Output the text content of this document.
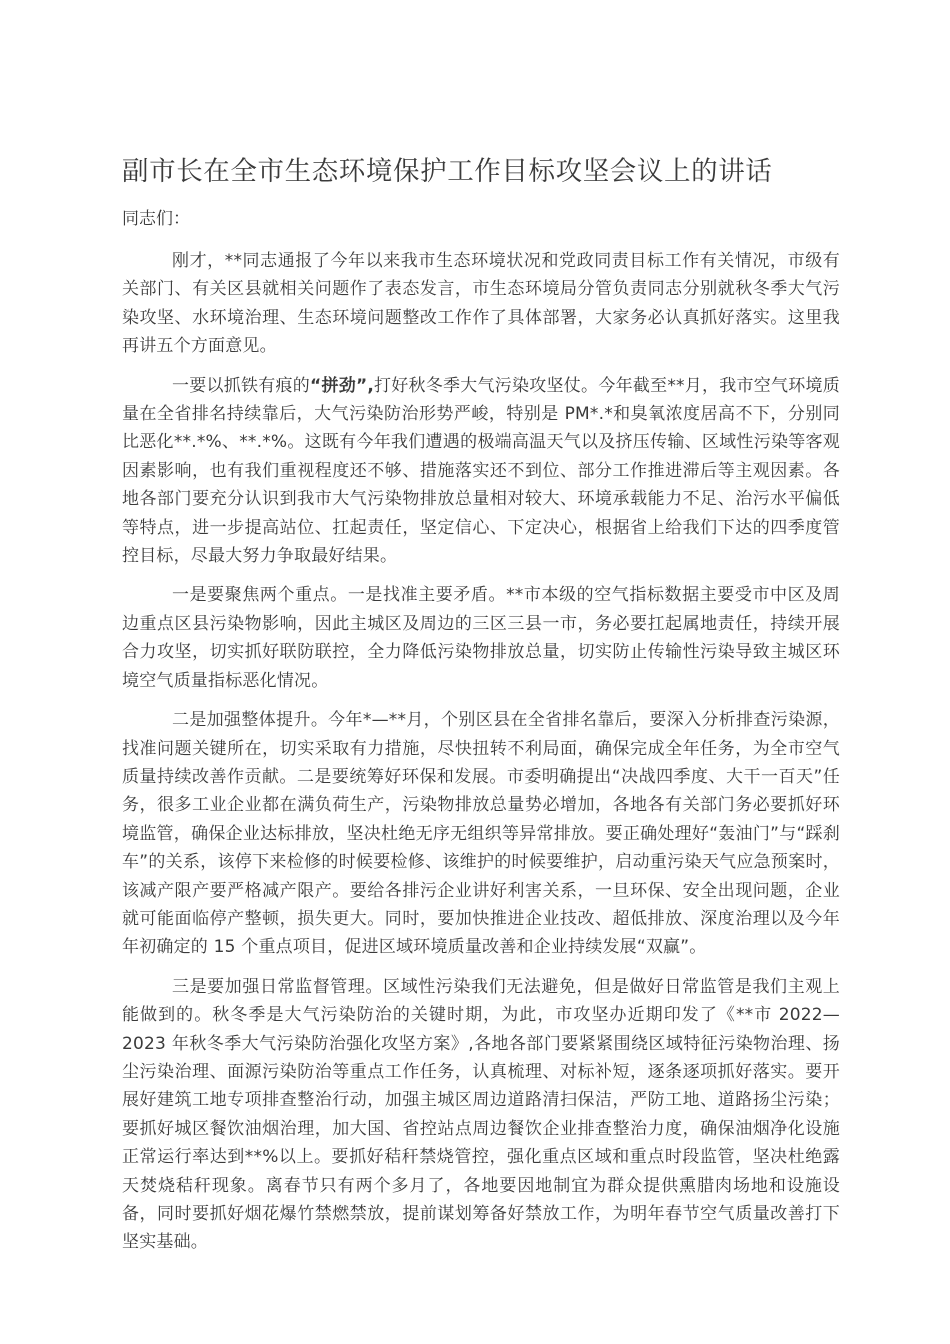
副市长在全市生态环境保护工作目标攻坚会议上的讲话

同志们：

刚才，**同志通报了今年以来我市生态环境状况和党政同责目标工作有关情况，市级有关部门、有关区县就相关问题作了表态发言，市生态环境局分管负责同志分别就秋冬季大气污染攻坚、水环境治理、生态环境问题整改工作作了具体部署，大家务必认真抓好落实。这里我再讲五个方面意见。

一要以抓铁有痕的“拼劲”,打好秋冬季大气污染攻坚仗。今年截至**月，我市空气环境质量在全省排名持续靠后，大气污染防治形势严峻，特别是 PM*.*和臭氧浓度居高不下，分别同比恶化**.*%、**.*%。这既有今年我们遭遇的极端高温天气以及挤压传输、区域性污染等客观因素影响，也有我们重视程度还不够、措施落实还不到位、部分工作推进滞后等主观因素。各地各部门要充分认识到我市大气污染物排放总量相对较大、环境承载能力不足、治污水平偏低等特点，进一步提高站位、扛起责任，坚定信心、下定决心，根据省上给我们下达的四季度管控目标，尽最大努力争取最好结果。

一是要聚焦两个重点。一是找准主要矛盾。**市本级的空气指标数据主要受市中区及周边重点区县污染物影响，因此主城区及周边的三区三县一市，务必要扛起属地责任，持续开展合力攻坚，切实抓好联防联控，全力降低污染物排放总量，切实防止传输性污染导致主城区环境空气质量指标恶化情况。

二是加强整体提升。今年*—**月，个别区县在全省排名靠后，要深入分析排查污染源，找准问题关键所在，切实采取有力措施，尽快扭转不利局面，确保完成全年任务，为全市空气质量持续改善作贡献。二是要统筹好环保和发展。市委明确提出“决战四季度、大干一百天”任务，很多工业企业都在满负荷生产，污染物排放总量势必增加，各地各有关部门务必要抓好环境监管，确保企业达标排放，坚决杜绝无序无组织等异常排放。要正确处理好“轰油门”与“踩刹车”的关系，该停下来检修的时候要检修、该维护的时候要维护，启动重污染天气应急预案时，该减产限产要严格减产限产。要给各排污企业讲好利害关系，一旦环保、安全出现问题，企业就可能面临停产整顿，损失更大。同时，要加快推进企业技改、超低排放、深度治理以及今年年初确定的 15 个重点项目，促进区域环境质量改善和企业持续发展“双赢”。

三是要加强日常监督管理。区域性污染我们无法避免，但是做好日常监管是我们主观上能做到的。秋冬季是大气污染防治的关键时期，为此，市攻坚办近期印发了《**市 2022—2023 年秋冬季大气污染防治强化攻坚方案》,各地各部门要紧紧围绕区域特征污染物治理、扬尘污染治理、面源污染防治等重点工作任务，认真梳理、对标补短，逐条逐项抓好落实。要开展好建筑工地专项排查整治行动，加强主城区周边道路清扫保洁，严防工地、道路扬尘污染；要抓好城区餐饮油烟治理，加大国、省控站点周边餐饮企业排查整治力度，确保油烟净化设施正常运行率达到**%以上。要抓好秸秆禁烧管控，强化重点区域和重点时段监管，坚决杜绝露天焚烧秸秆现象。离春节只有两个多月了，各地要因地制宜为群众提供熏腊肉场地和设施设备，同时要抓好烟花爆竹禁燃禁放，提前谋划筹备好禁放工作，为明年春节空气质量改善打下坚实基础。
